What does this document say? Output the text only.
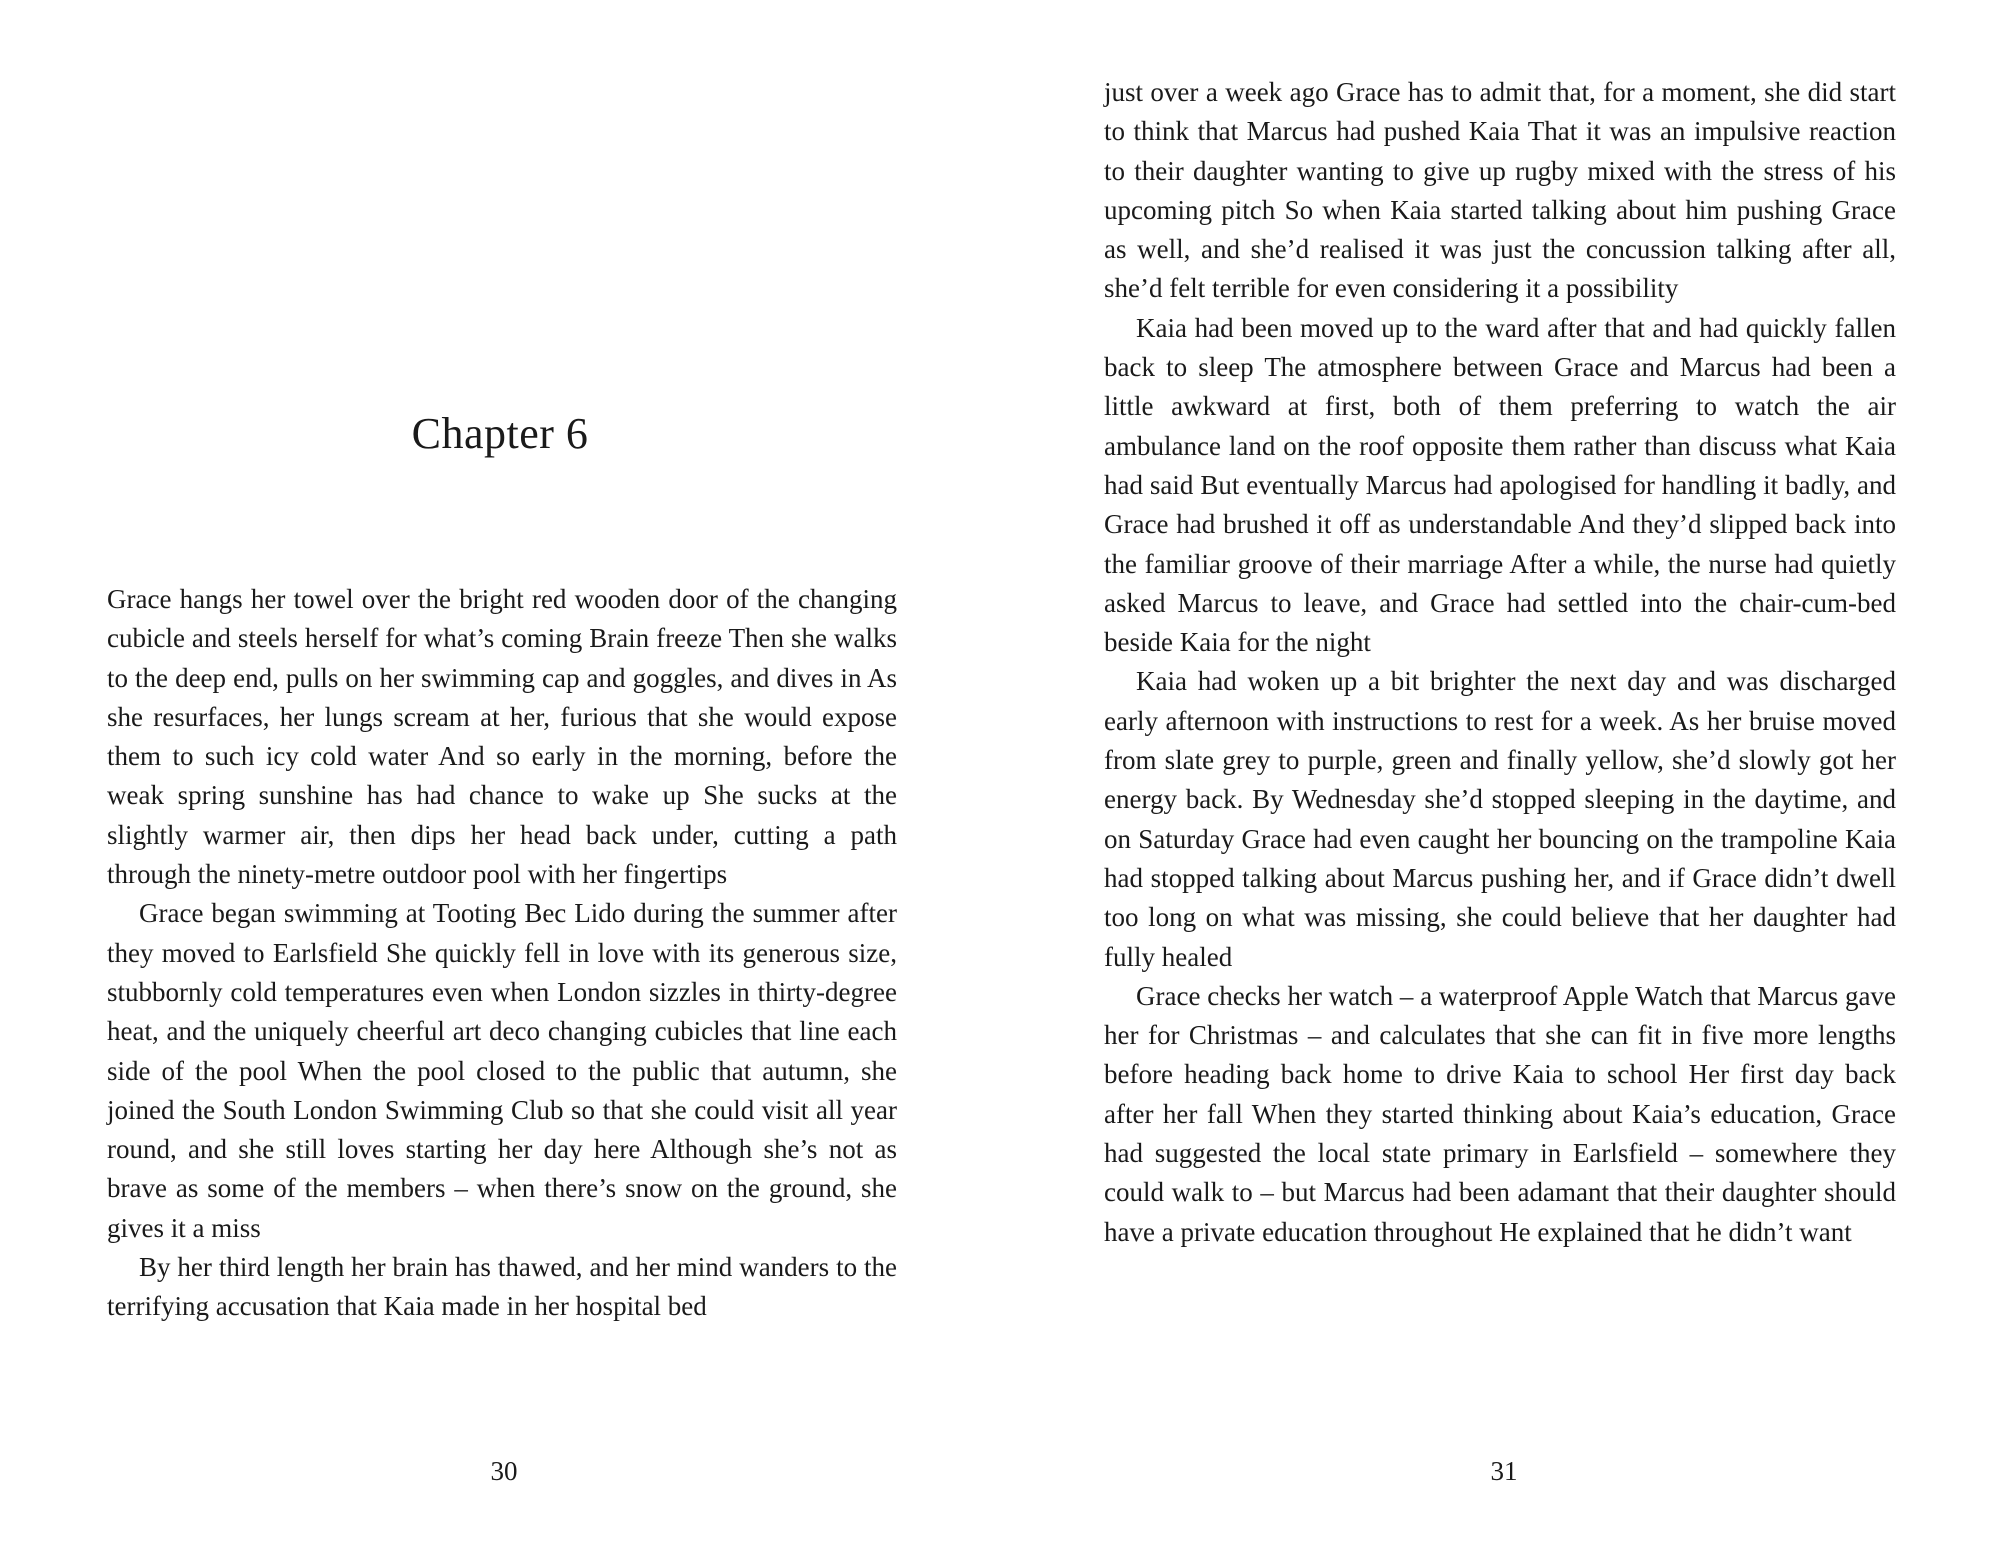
Chapter 6

Grace hangs her towel over the bright red wooden door of the changing cubicle and steels herself for what’s coming Brain freeze Then she walks to the deep end, pulls on her swimming cap and goggles, and dives in As she resurfaces, her lungs scream at her, furious that she would expose them to such icy cold water And so early in the morning, before the weak spring sunshine has had chance to wake up She sucks at the slightly warmer air, then dips her head back under, cutting a path through the ninety-metre outdoor pool with her fingertips

Grace began swimming at Tooting Bec Lido during the summer after they moved to Earlsfield She quickly fell in love with its generous size, stubbornly cold temperatures even when London sizzles in thirty-degree heat, and the uniquely cheerful art deco changing cubicles that line each side of the pool When the pool closed to the public that autumn, she joined the South London Swimming Club so that she could visit all year round, and she still loves starting her day here Although she’s not as brave as some of the members – when there’s snow on the ground, she gives it a miss

By her third length her brain has thawed, and her mind wanders to the terrifying accusation that Kaia made in her hospital bed

30

just over a week ago Grace has to admit that, for a moment, she did start to think that Marcus had pushed Kaia That it was an impulsive reaction to their daughter wanting to give up rugby mixed with the stress of his upcoming pitch So when Kaia started talking about him pushing Grace as well, and she’d realised it was just the concussion talking after all, she’d felt terrible for even considering it a possibility

Kaia had been moved up to the ward after that and had quickly fallen back to sleep The atmosphere between Grace and Marcus had been a little awkward at first, both of them preferring to watch the air ambulance land on the roof opposite them rather than discuss what Kaia had said But eventually Marcus had apologised for handling it badly, and Grace had brushed it off as understandable And they’d slipped back into the familiar groove of their marriage After a while, the nurse had quietly asked Marcus to leave, and Grace had settled into the chair-cum-bed beside Kaia for the night

Kaia had woken up a bit brighter the next day and was discharged early afternoon with instructions to rest for a week. As her bruise moved from slate grey to purple, green and finally yellow, she’d slowly got her energy back. By Wednesday she’d stopped sleeping in the daytime, and on Saturday Grace had even caught her bouncing on the trampoline Kaia had stopped talking about Marcus pushing her, and if Grace didn’t dwell too long on what was missing, she could believe that her daughter had fully healed

Grace checks her watch – a waterproof Apple Watch that Marcus gave her for Christmas – and calculates that she can fit in five more lengths before heading back home to drive Kaia to school Her first day back after her fall When they started thinking about Kaia’s education, Grace had suggested the local state primary in Earlsfield – somewhere they could walk to – but Marcus had been adamant that their daughter should have a private education throughout He explained that he didn’t want

31
